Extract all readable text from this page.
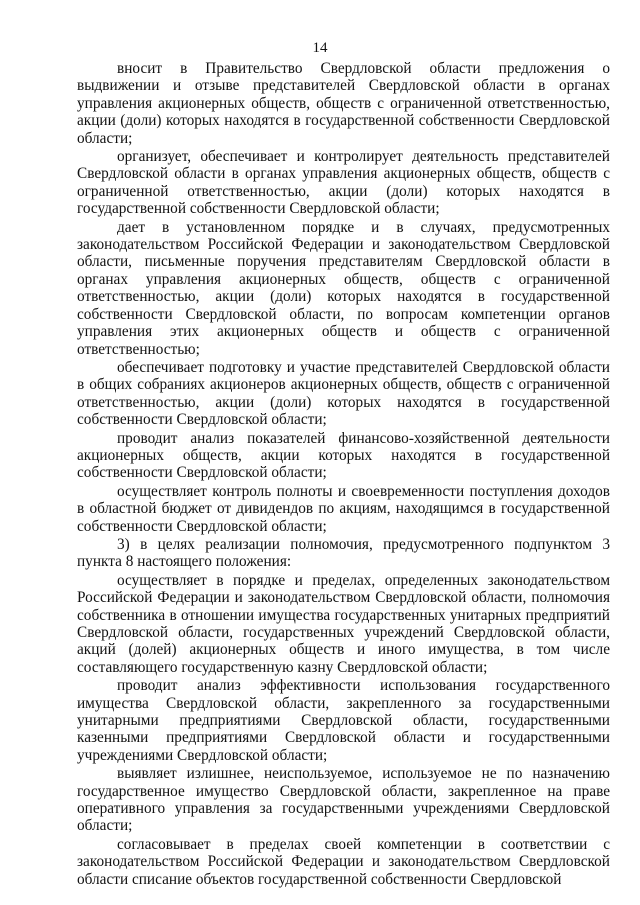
14

вносит в Правительство Свердловской области предложения о выдвижении и отзыве представителей Свердловской области в органах управления акционерных обществ, обществ с ограниченной ответственностью, акции (доли) которых находятся в государственной собственности Свердловской области;

организует, обеспечивает и контролирует деятельность представителей Свердловской области в органах управления акционерных обществ, обществ с ограниченной ответственностью, акции (доли) которых находятся в государственной собственности Свердловской области;

дает в установленном порядке и в случаях, предусмотренных законодательством Российской Федерации и законодательством Свердловской области, письменные поручения представителям Свердловской области в органах управления акционерных обществ, обществ с ограниченной ответственностью, акции (доли) которых находятся в государственной собственности Свердловской области, по вопросам компетенции органов управления этих акционерных обществ и обществ с ограниченной ответственностью;

обеспечивает подготовку и участие представителей Свердловской области в общих собраниях акционеров акционерных обществ, обществ с ограниченной ответственностью, акции (доли) которых находятся в государственной собственности Свердловской области;

проводит анализ показателей финансово-хозяйственной деятельности акционерных обществ, акции которых находятся в государственной собственности Свердловской области;

осуществляет контроль полноты и своевременности поступления доходов в областной бюджет от дивидендов по акциям, находящимся в государственной собственности Свердловской области;

3) в целях реализации полномочия, предусмотренного подпунктом 3 пункта 8 настоящего положения:

осуществляет в порядке и пределах, определенных законодательством Российской Федерации и законодательством Свердловской области, полномочия собственника в отношении имущества государственных унитарных предприятий Свердловской области, государственных учреждений Свердловской области, акций (долей) акционерных обществ и иного имущества, в том числе составляющего государственную казну Свердловской области;

проводит анализ эффективности использования государственного имущества Свердловской области, закрепленного за государственными унитарными предприятиями Свердловской области, государственными казенными предприятиями Свердловской области и государственными учреждениями Свердловской области;

выявляет излишнее, неиспользуемое, используемое не по назначению государственное имущество Свердловской области, закрепленное на праве оперативного управления за государственными учреждениями Свердловской области;

согласовывает в пределах своей компетенции в соответствии с законодательством Российской Федерации и законодательством Свердловской области списание объектов государственной собственности Свердловской
